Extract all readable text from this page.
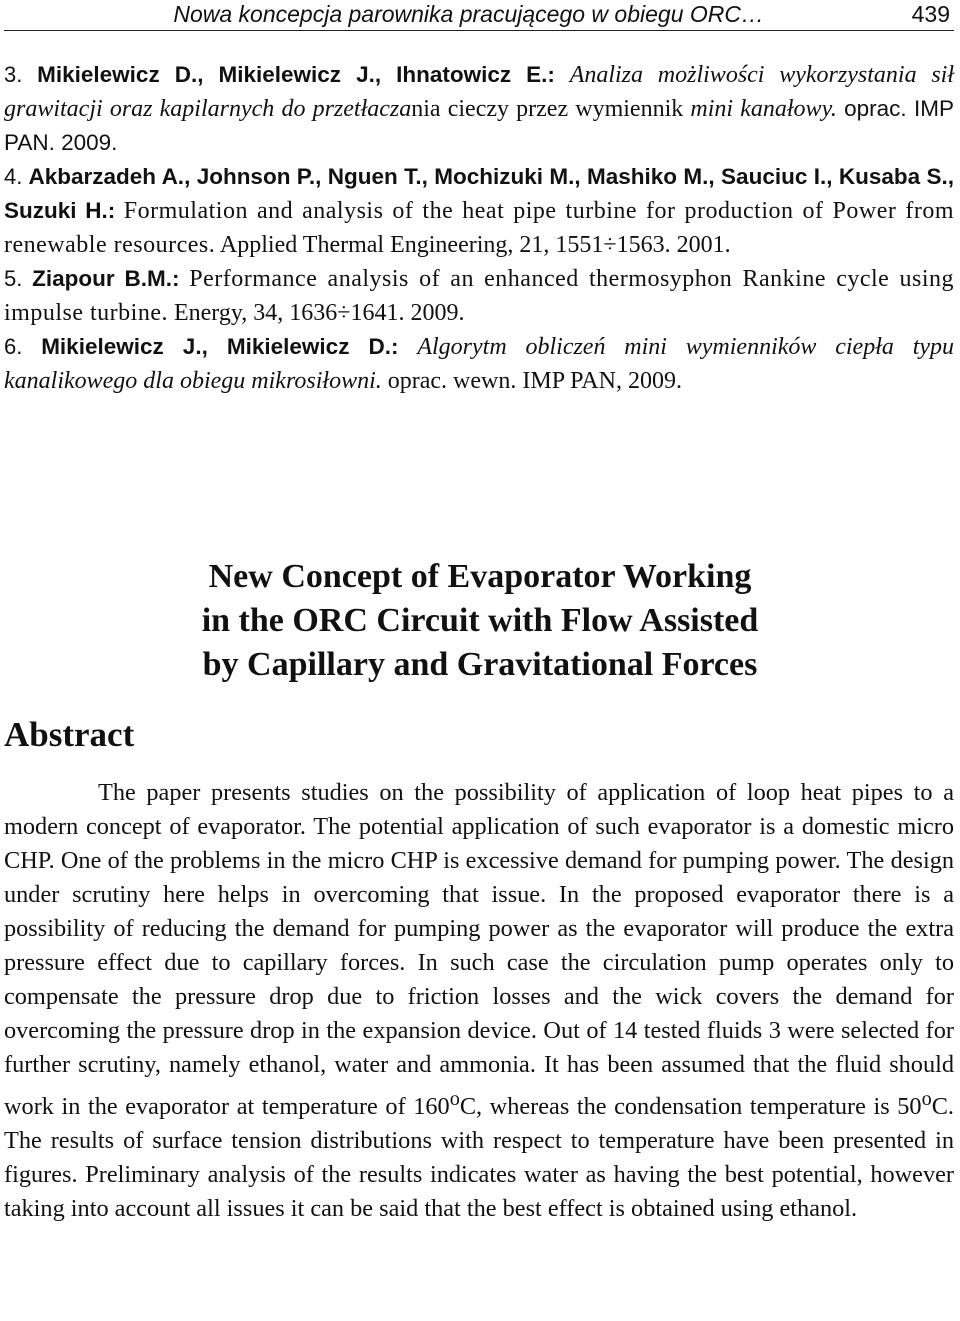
Nowa koncepcja parownika pracującego w obiegu ORC…	439

3. Mikielewicz D., Mikielewicz J., Ihnatowicz E.: Analiza możliwości wykorzystania sił grawitacji oraz kapilarnych do przetłaczania cieczy przez wymiennik mini kanałowy. oprac. IMP PAN. 2009.

4. Akbarzadeh A., Johnson P., Nguen T., Mochizuki M., Mashiko M., Sauciuc I., Kusaba S., Suzuki H.: Formulation and analysis of the heat pipe turbine for production of Power from renewable resources. Applied Thermal Engineering, 21, 1551÷1563. 2001.

5. Ziapour B.M.: Performance analysis of an enhanced thermosyphon Rankine cycle using impulse turbine. Energy, 34, 1636÷1641. 2009.

6. Mikielewicz J., Mikielewicz D.: Algorytm obliczeń mini wymienników ciepła typu kanalikowego dla obiegu mikrosiłowni. oprac. wewn. IMP PAN, 2009.

New Concept of Evaporator Working
in the ORC Circuit with Flow Assisted
by Capillary and Gravitational Forces
Abstract

The paper presents studies on the possibility of application of loop heat pipes to a modern concept of evaporator. The potential application of such evaporator is a domestic micro CHP. One of the problems in the micro CHP is excessive demand for pumping power. The design under scrutiny here helps in overcoming that issue. In the proposed evaporator there is a possibility of reducing the demand for pumping power as the evaporator will produce the extra pressure effect due to capillary forces. In such case the circulation pump operates only to compensate the pressure drop due to friction losses and the wick covers the demand for overcoming the pressure drop in the expansion device. Out of 14 tested fluids 3 were selected for further scrutiny, namely ethanol, water and ammonia. It has been assumed that the fluid should work in the evaporator at temperature of 160$^o$C, whereas the condensation temperature is 50$^o$C. The results of surface tension distributions with respect to temperature have been presented in figures. Preliminary analysis of the results indicates water as having the best potential, however taking into account all issues it can be said that the best effect is obtained using ethanol.
